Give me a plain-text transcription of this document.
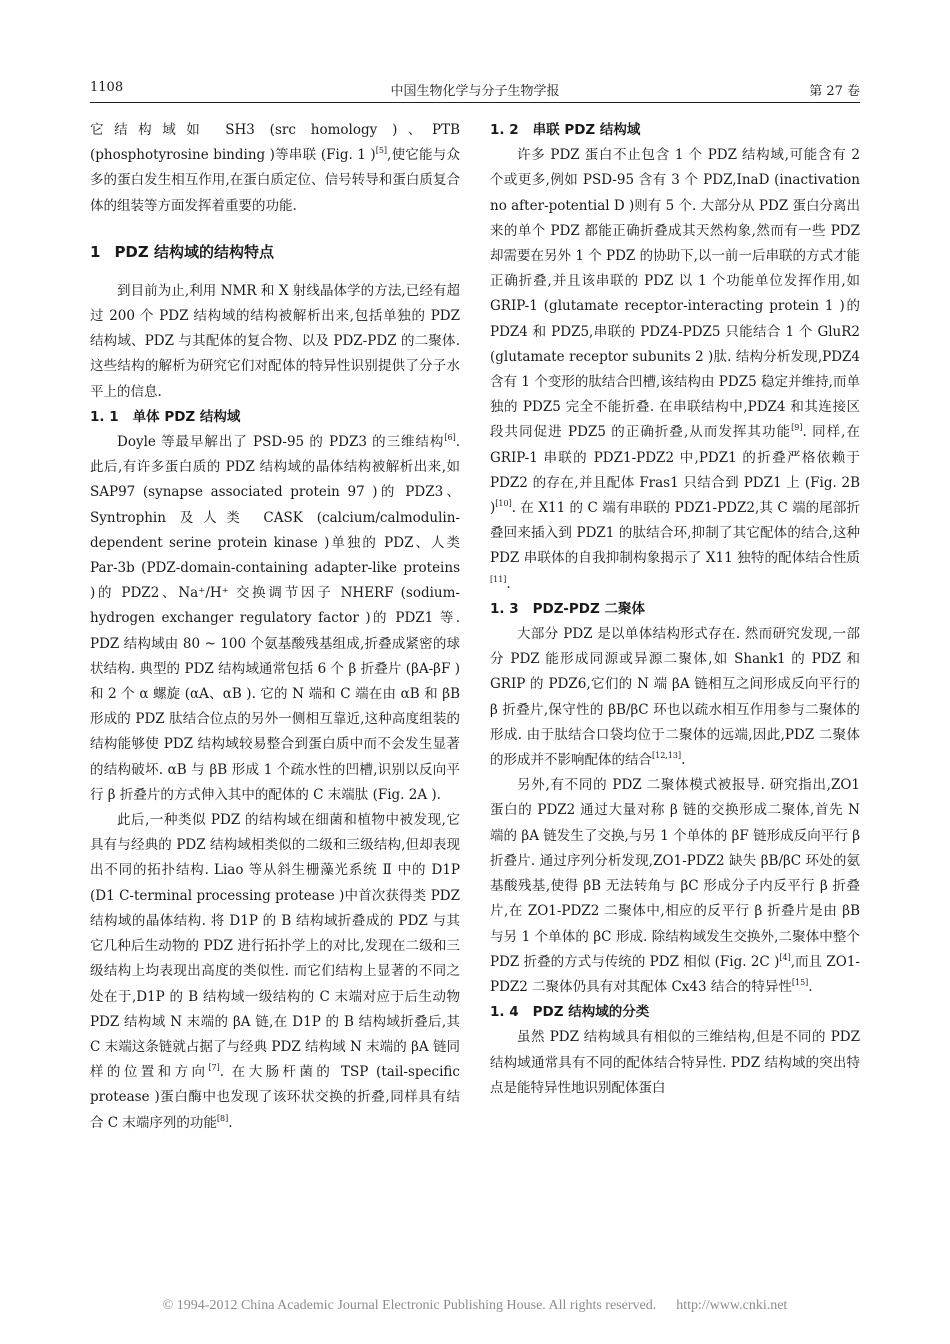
1108	中国生物化学与分子生物学报	第 27 卷

它结构域如 SH3 (src homology )、PTB (phosphotyrosine binding )等串联 (Fig. 1 )[5],使它能与众多的蛋白发生相互作用,在蛋白质定位、信号转导和蛋白质复合体的组装等方面发挥着重要的功能.

1 PDZ 结构域的结构特点

到目前为止,利用 NMR 和 X 射线晶体学的方法,已经有超过 200 个 PDZ 结构域的结构被解析出来,包括单独的 PDZ 结构域、PDZ 与其配体的复合物、以及 PDZ-PDZ 的二聚体. 这些结构的解析为研究它们对配体的特异性识别提供了分子水平上的信息.

1. 1 单体 PDZ 结构域

Doyle 等最早解出了 PSD-95 的 PDZ3 的三维结构[6]. 此后,有许多蛋白质的 PDZ 结构域的晶体结构被解析出来,如 SAP97 (synapse associated protein 97 )的 PDZ3、Syntrophin 及人类 CASK (calcium/calmodulin-dependent serine protein kinase )单独的 PDZ、人类 Par-3b (PDZ-domain-containing adapter-like proteins )的 PDZ2、Na⁺/H⁺ 交换调节因子 NHERF (sodium-hydrogen exchanger regulatory factor )的 PDZ1 等. PDZ 结构域由 80 ~ 100 个氨基酸残基组成,折叠成紧密的球状结构. 典型的 PDZ 结构域通常包括 6 个 β 折叠片 (βA-βF )和 2 个 α 螺旋 (αA、αB ). 它的 N 端和 C 端在由 αB 和 βB 形成的 PDZ 肽结合位点的另外一侧相互靠近,这种高度组装的结构能够使 PDZ 结构域较易整合到蛋白质中而不会发生显著的结构破坏. αB 与 βB 形成 1 个疏水性的凹槽,识别以反向平行 β 折叠片的方式伸入其中的配体的 C 末端肽 (Fig. 2A ).

此后,一种类似 PDZ 的结构域在细菌和植物中被发现,它具有与经典的 PDZ 结构域相类似的二级和三级结构,但却表现出不同的拓扑结构. Liao 等从斜生栅藻光系统 Ⅱ 中的 D1P (D1 C-terminal processing protease )中首次获得类 PDZ 结构域的晶体结构. 将 D1P 的 B 结构域折叠成的 PDZ 与其它几种后生动物的 PDZ 进行拓扑学上的对比,发现在二级和三级结构上均表现出高度的类似性. 而它们结构上显著的不同之处在于,D1P 的 B 结构域一级结构的 C 末端对应于后生动物 PDZ 结构域 N 末端的 βA 链,在 D1P 的 B 结构域折叠后,其 C 末端这条链就占据了与经典 PDZ 结构域 N 末端的 βA 链同样的位置和方向[7]. 在大肠杆菌的 TSP (tail-specific protease )蛋白酶中也发现了该环状交换的折叠,同样具有结合 C 末端序列的功能[8].

1. 2 串联 PDZ 结构域

许多 PDZ 蛋白不止包含 1 个 PDZ 结构域,可能含有 2 个或更多,例如 PSD-95 含有 3 个 PDZ,InaD (inactivation no after-potential D )则有 5 个. 大部分从 PDZ 蛋白分离出来的单个 PDZ 都能正确折叠成其天然构象,然而有一些 PDZ 却需要在另外 1 个 PDZ 的协助下,以一前一后串联的方式才能正确折叠,并且该串联的 PDZ 以 1 个功能单位发挥作用,如 GRIP-1 (glutamate receptor-interacting protein 1 )的 PDZ4 和 PDZ5,串联的 PDZ4-PDZ5 只能结合 1 个 GluR2 (glutamate receptor subunits 2 )肽. 结构分析发现,PDZ4 含有 1 个变形的肽结合凹槽,该结构由 PDZ5 稳定并维持,而单独的 PDZ5 完全不能折叠. 在串联结构中,PDZ4 和其连接区段共同促进 PDZ5 的正确折叠,从而发挥其功能[9]. 同样,在 GRIP-1 串联的 PDZ1-PDZ2 中,PDZ1 的折叠严格依赖于 PDZ2 的存在,并且配体 Fras1 只结合到 PDZ1 上 (Fig. 2B )[10]. 在 X11 的 C 端有串联的 PDZ1-PDZ2,其 C 端的尾部折叠回来插入到 PDZ1 的肽结合环,抑制了其它配体的结合,这种 PDZ 串联体的自我抑制构象揭示了 X11 独特的配体结合性质[11].

1. 3 PDZ-PDZ 二聚体

大部分 PDZ 是以单体结构形式存在. 然而研究发现,一部分 PDZ 能形成同源或异源二聚体,如 Shank1 的 PDZ 和 GRIP 的 PDZ6,它们的 N 端 βA 链相互之间形成反向平行的 β 折叠片,保守性的 βB/βC 环也以疏水相互作用参与二聚体的形成. 由于肽结合口袋均位于二聚体的远端,因此,PDZ 二聚体的形成并不影响配体的结合[12,13].

另外,有不同的 PDZ 二聚体模式被报导. 研究指出,ZO1 蛋白的 PDZ2 通过大量对称 β 链的交换形成二聚体,首先 N 端的 βA 链发生了交换,与另 1 个单体的 βF 链形成反向平行 β 折叠片. 通过序列分析发现,ZO1-PDZ2 缺失 βB/βC 环处的氨基酸残基,使得 βB 无法转角与 βC 形成分子内反平行 β 折叠片,在 ZO1-PDZ2 二聚体中,相应的反平行 β 折叠片是由 βB 与另 1 个单体的 βC 形成. 除结构域发生交换外,二聚体中整个 PDZ 折叠的方式与传统的 PDZ 相似 (Fig. 2C )[4],而且 ZO1-PDZ2 二聚体仍具有对其配体 Cx43 结合的特异性[15].

1. 4 PDZ 结构域的分类

虽然 PDZ 结构域具有相似的三维结构,但是不同的 PDZ 结构域通常具有不同的配体结合特异性. PDZ 结构域的突出特点是能特异性地识别配体蛋白

© 1994-2012 China Academic Journal Electronic Publishing House. All rights reserved. http://www.cnki.net
